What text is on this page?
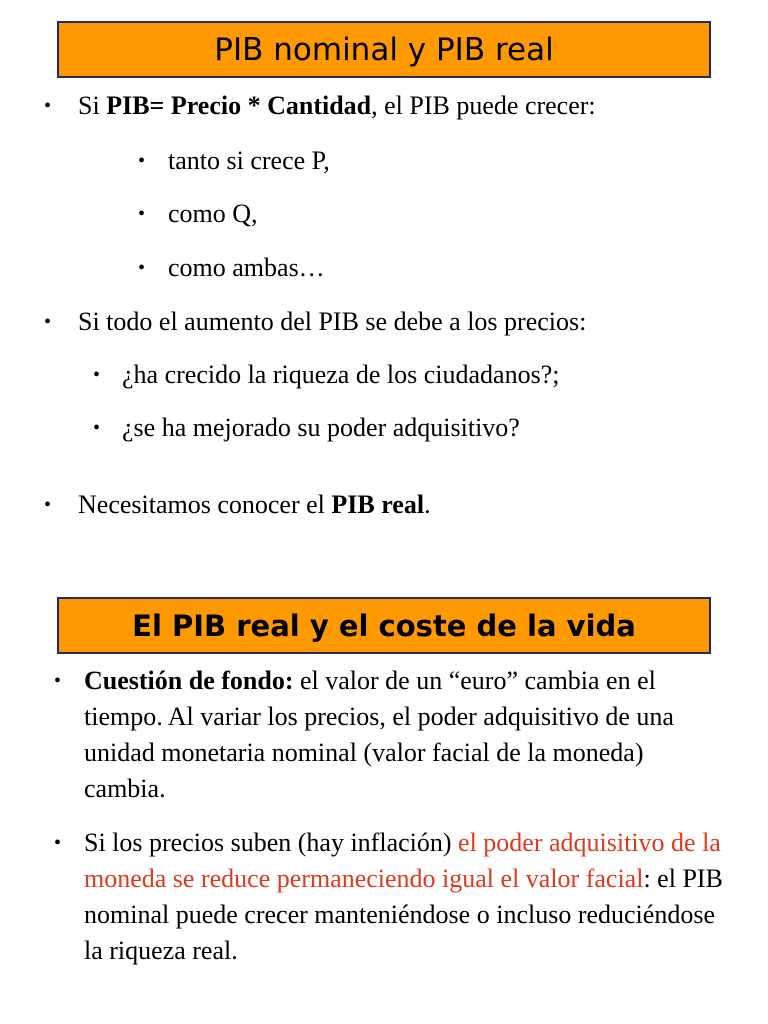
PIB nominal y PIB real
• Si PIB= Precio * Cantidad, el PIB puede crecer:
• tanto si crece P,
• como Q,
• como ambas…
• Si todo el aumento del PIB se debe a los precios:
• ¿ha crecido la riqueza de los ciudadanos?;
• ¿se ha mejorado su poder adquisitivo?
• Necesitamos conocer el PIB real.
El PIB real y el coste de la vida
• Cuestión de fondo: el valor de un “euro” cambia en el tiempo. Al variar los precios, el poder adquisitivo de una unidad monetaria nominal (valor facial de la moneda) cambia.
• Si los precios suben (hay inflación) el poder adquisitivo de la moneda se reduce permaneciendo igual el valor facial: el PIB nominal puede crecer manteniéndose o incluso reduciéndose la riqueza real.
